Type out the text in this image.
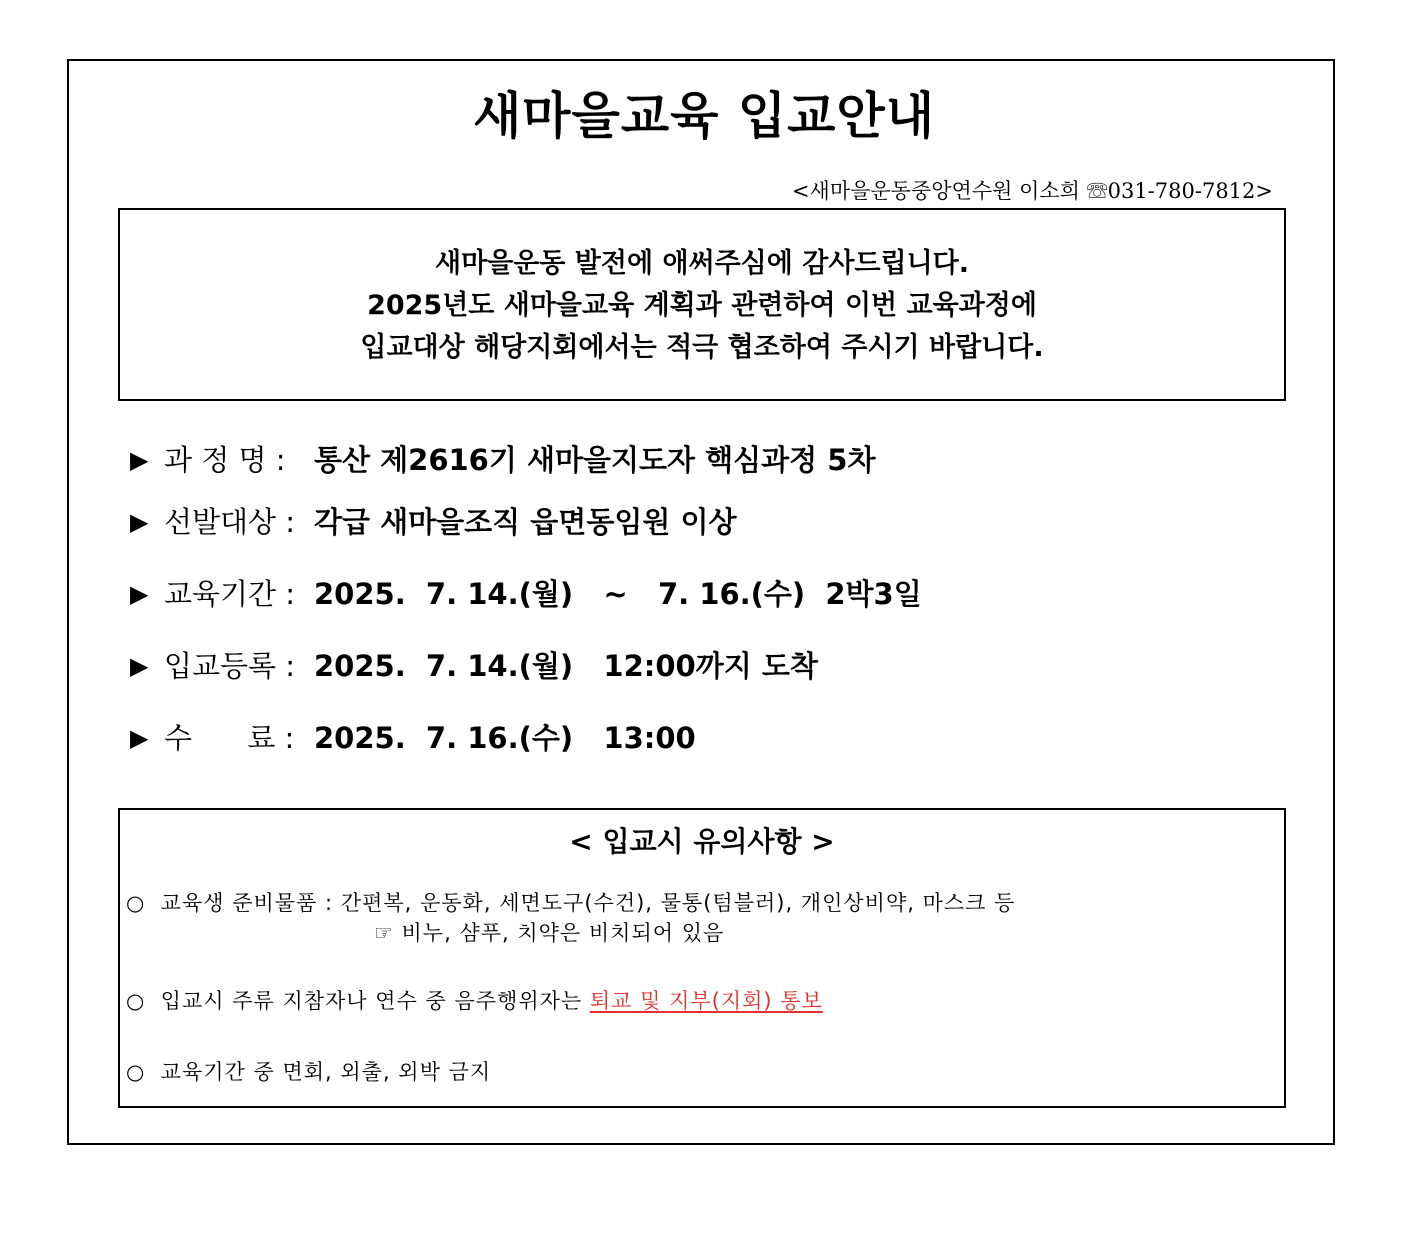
새마을교육 입교안내
<새마을운동중앙연수원 이소희 ☏031-780-7812>
새마을운동 발전에 애써주심에 감사드립니다.
2025년도 새마을교육 계획과 관련하여 이번 교육과정에
입교대상 해당지회에서는 적극 협조하여 주시기 바랍니다.
▶ 과 정 명 : 통산 제2616기 새마을지도자 핵심과정 5차
▶ 선발대상 : 각급 새마을조직 읍면동임원 이상
▶ 교육기간 : 2025.  7. 14.(월)   ~   7. 16.(수)  2박3일
▶ 입교등록 : 2025.  7. 14.(월)   12:00까지 도착
▶ 수      료 : 2025.  7. 16.(수)   13:00
< 입교시 유의사항 >
○  교육생 준비물품 : 간편복, 운동화, 세면도구(수건), 물통(텀블러), 개인상비약, 마스크 등
☞ 비누, 샴푸, 치약은 비치되어 있음
○  입교시 주류 지참자나 연수 중 음주행위자는 퇴교 및 지부(지회) 통보
○  교육기간 중 면회, 외출, 외박 금지
